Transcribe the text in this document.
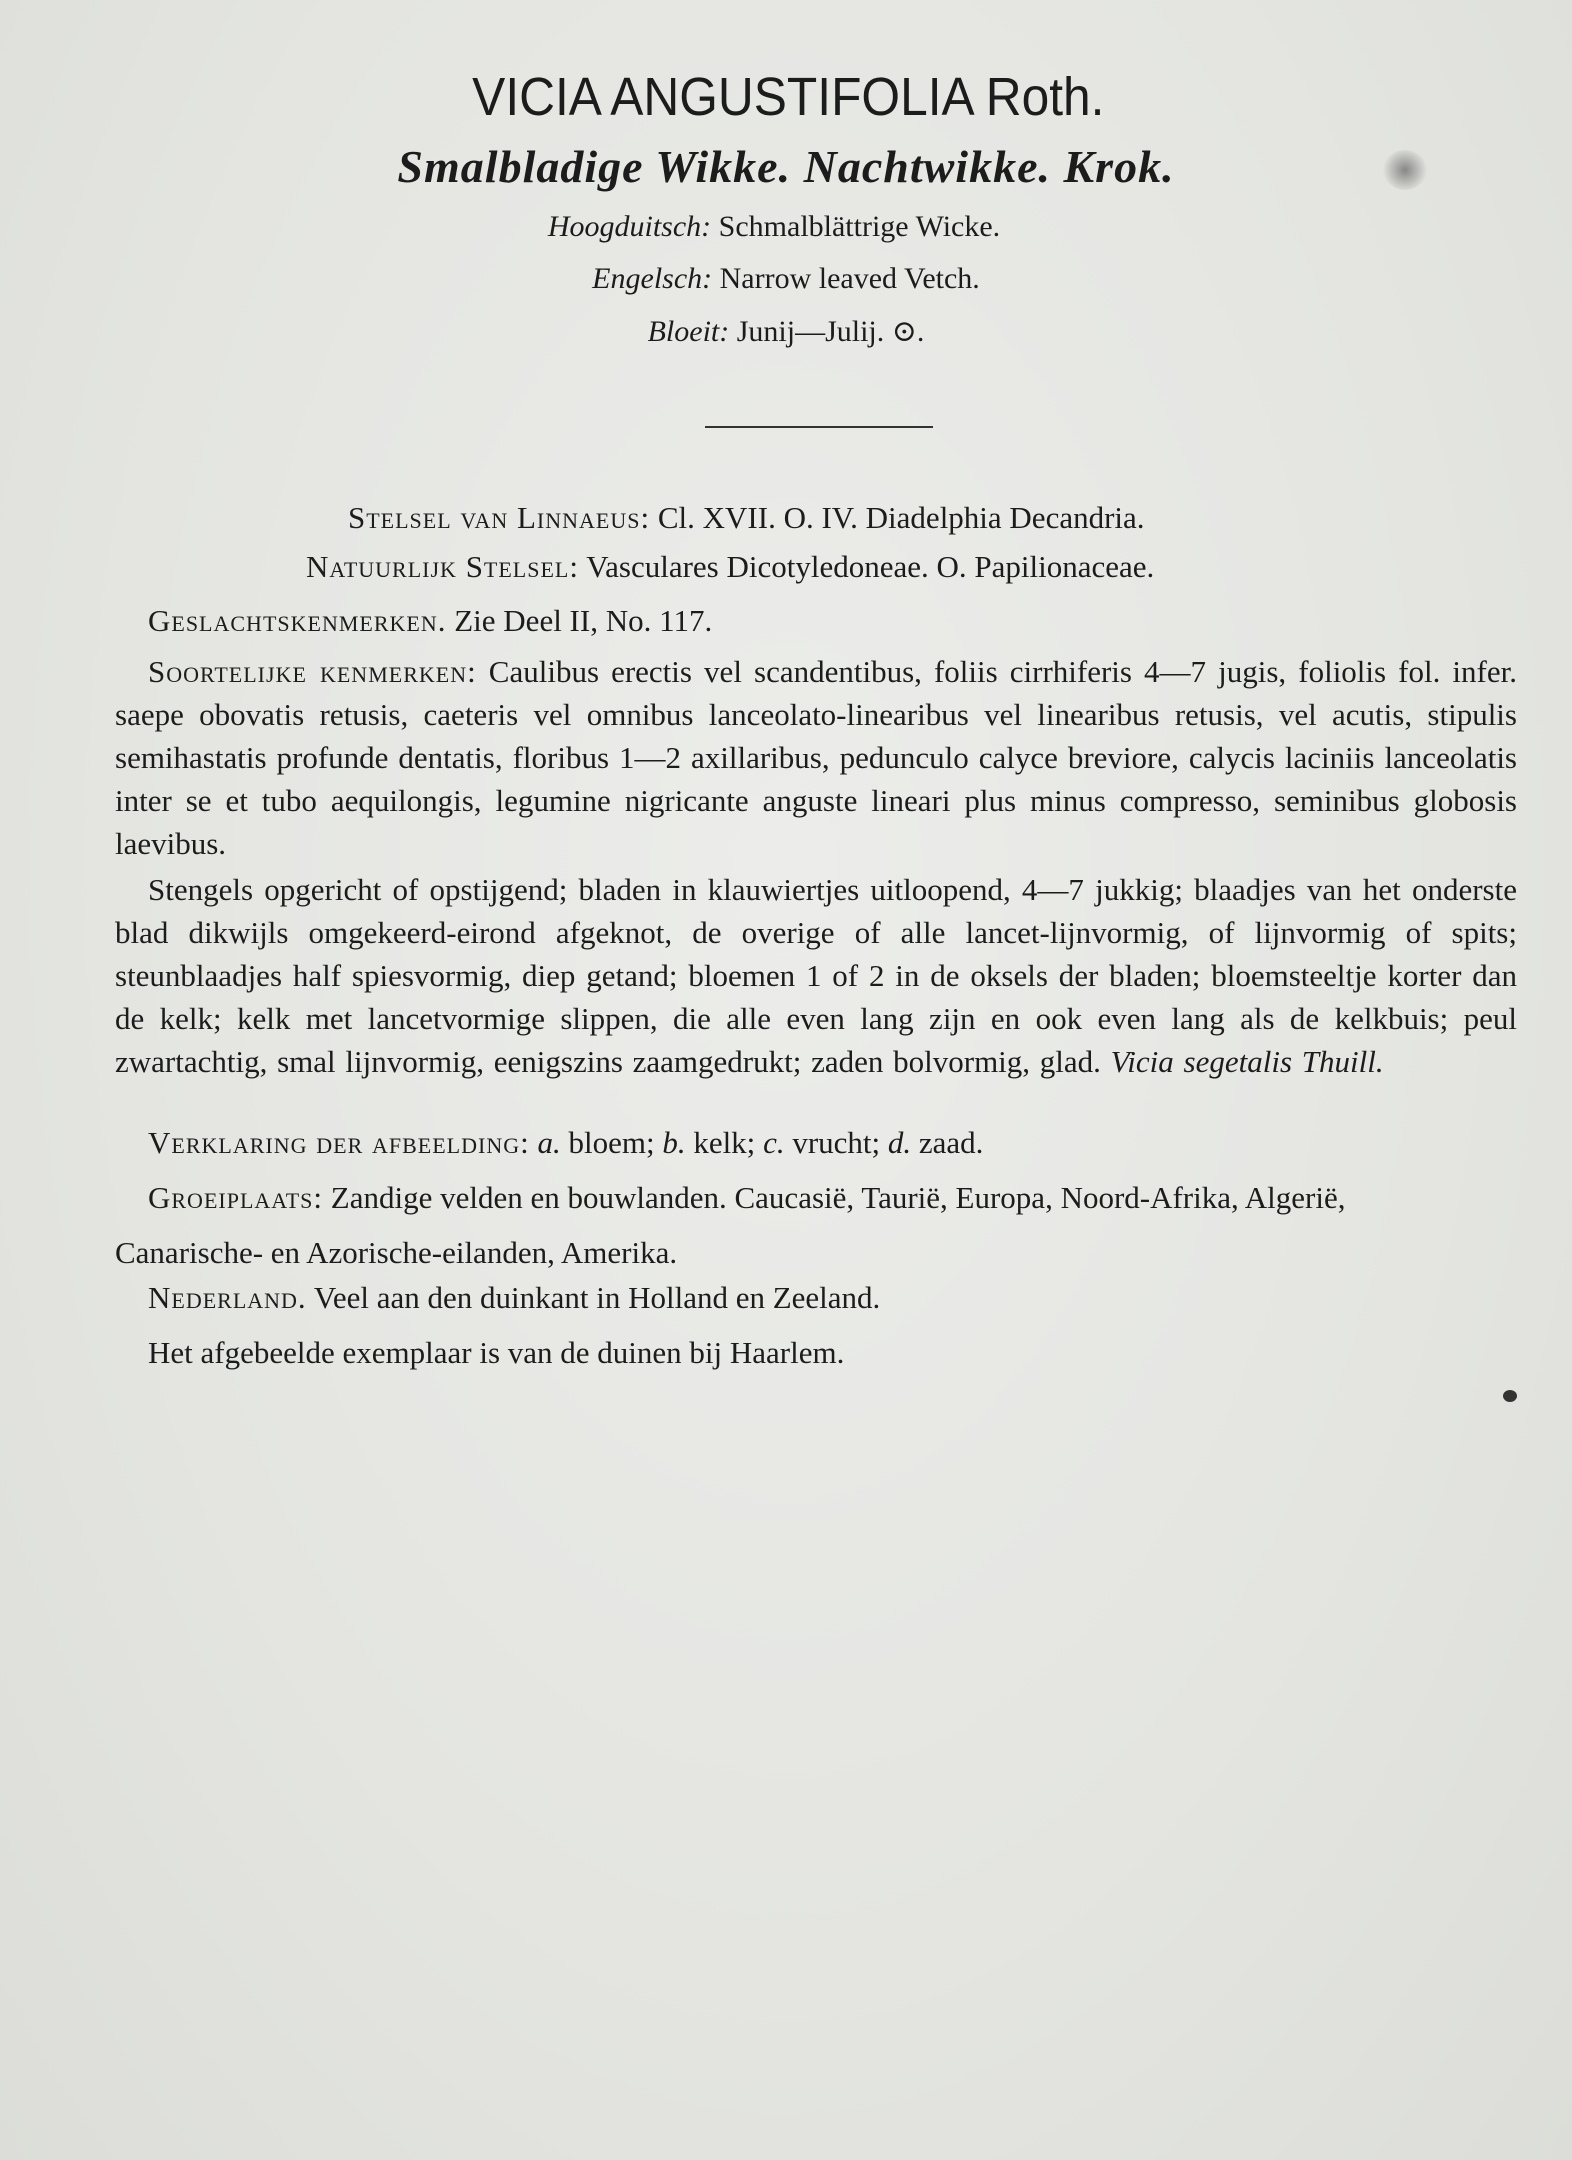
VICIA ANGUSTIFOLIA Roth.
Smalbladige Wikke. Nachtwikke. Krok.
Hoogduitsch: Schmalblättrige Wicke.
Engelsch: Narrow leaved Vetch.
Bloeit: Junij—Julij. ⊙.
Stelsel van Linnaeus: Cl. XVII. O. IV. Diadelphia Decandria.
Natuurlijk Stelsel: Vasculares Dicotyledoneae. O. Papilionaceae.
Geslachtskenmerken. Zie Deel II, No. 117.
Soortelijke kenmerken: Caulibus erectis vel scandentibus, foliis cirrhiferis 4—7 jugis, foliolis fol. infer. saepe obovatis retusis, caeteris vel omnibus lanceolato-linearibus vel linearibus retusis, vel acutis, stipulis semihastatis profunde dentatis, floribus 1—2 axillaribus, pedunculo calyce breviore, calycis laciniis lanceolatis inter se et tubo aequilongis, legumine nigricante anguste lineari plus minus compresso, seminibus globosis laevibus.
Stengels opgericht of opstijgend; bladen in klauwiertjes uitloopend, 4—7 jukkig; blaadjes van het onderste blad dikwijls omgekeerd-eirond afgeknot, de overige of alle lancet-lijnvormig, of lijnvormig of spits; steunblaadjes half spiesvormig, diep getand; bloemen 1 of 2 in de oksels der bladen; bloemsteeltje korter dan de kelk; kelk met lancetvormige slippen, die alle even lang zijn en ook even lang als de kelkbuis; peul zwartachtig, smal lijnvormig, eenigszins zaamgedrukt; zaden bolvormig, glad. Vicia segetalis Thuill.
Verklaring der afbeelding: a. bloem; b. kelk; c. vrucht; d. zaad.
Groeiplaats: Zandige velden en bouwlanden. Caucasië, Taurië, Europa, Noord-Afrika, Algerië,
Canarische- en Azorische-eilanden, Amerika.
Nederland. Veel aan den duinkant in Holland en Zeeland.
Het afgebeelde exemplaar is van de duinen bij Haarlem.
